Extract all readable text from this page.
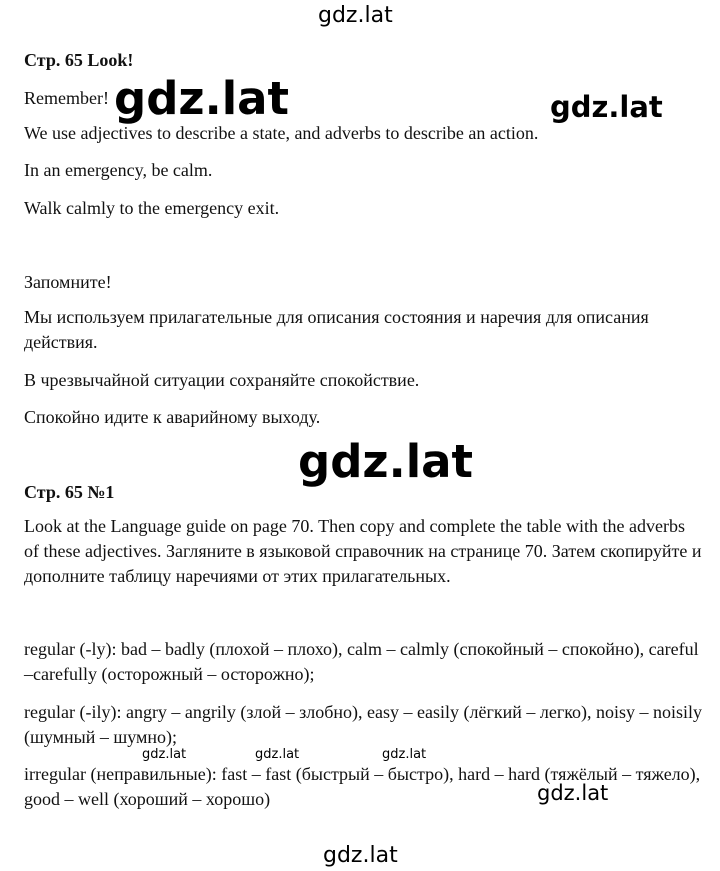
gdz.lat

Стр. 65 Look!

Remember!

We use adjectives to describe a state, and adverbs to describe an action.

In an emergency, be calm.

Walk calmly to the emergency exit.

Запомните!

Мы используем прилагательные для описания состояния и наречия для описания действия.

В чрезвычайной ситуации сохраняйте спокойствие.

Спокойно идите к аварийному выходу.

gdz.lat	gdz.lat
gdz.lat

Стр. 65 №1

Look at the Language guide on page 70. Then copy and complete the table with the adverbs of these adjectives. Загляните в языковой справочник на странице 70. Затем скопируйте и дополните таблицу наречиями от этих прилагательных.

regular (-ly): bad – badly (плохой – плохо), calm – calmly (спокойный – спокойно), careful –carefully (осторожный – осторожно);

regular (-ily): angry – angrily (злой – злобно), easy – easily (лёгкий – легко), noisy – noisily (шумный – шумно);

irregular (неправильные): fast – fast (быстрый – быстро), hard – hard (тяжёлый – тяжело), good – well (хороший – хорошо)

gdz.lat	gdz.lat	gdz.lat
gdz.lat
gdz.lat
